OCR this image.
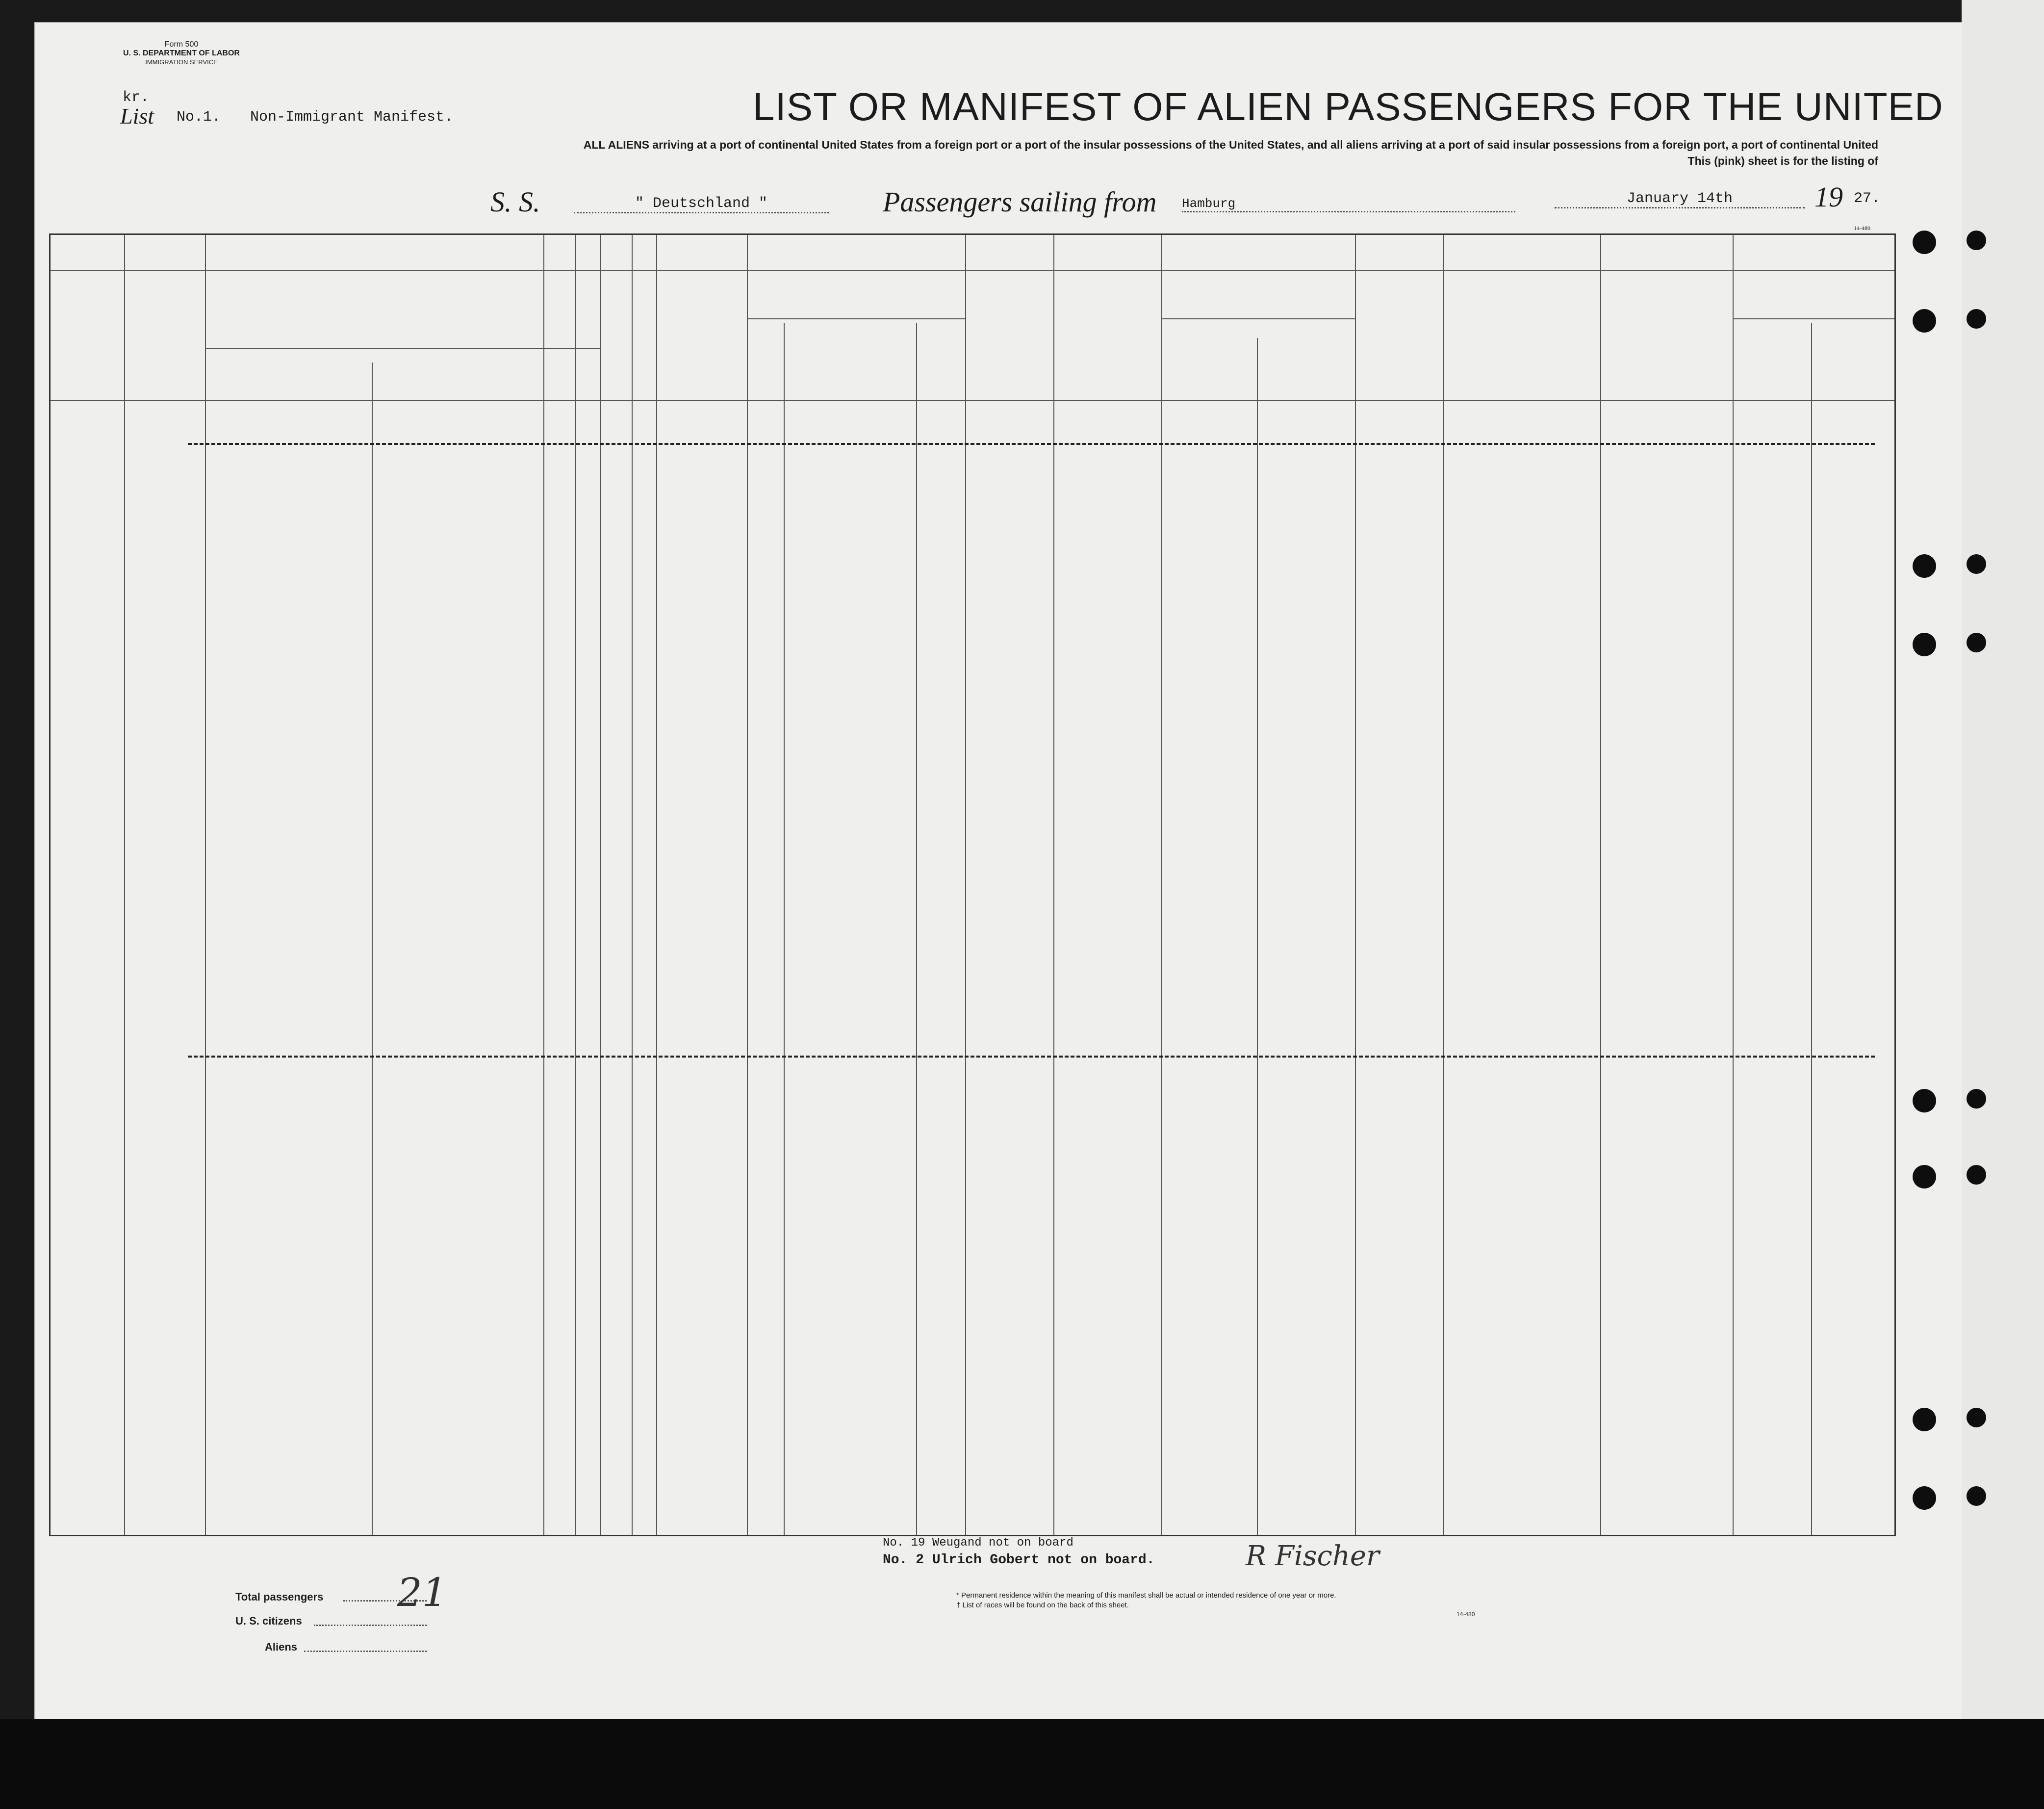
Form 500
U. S. DEPARTMENT OF LABOR
IMMIGRATION SERVICE
kr.
List No.1. Non-Immigrant Manifest.	LIST OR MANIFEST OF ALIEN PASSENGERS FOR THE UNITED
ALL ALIENS arriving at a port of continental United States from a foreign port or a port of the insular possessions of the United States, and all aliens arriving at a port of said insular possessions from a foreign port, a port of continental United
This (pink) sheet is for the listing of
S. S.	" Deutschland "	Passengers sailing from Hamburg	January 14th	19 27.
14-480
No. 19 Weugand not on board
No. 2 Ulrich Gobert not on board.	R Fischer
Total passengers 21
U. S. citizens
Aliens
* Permanent residence within the meaning of this manifest shall be actual or intended residence of one year or more.
† List of races will be found on the back of this sheet.
14-480
